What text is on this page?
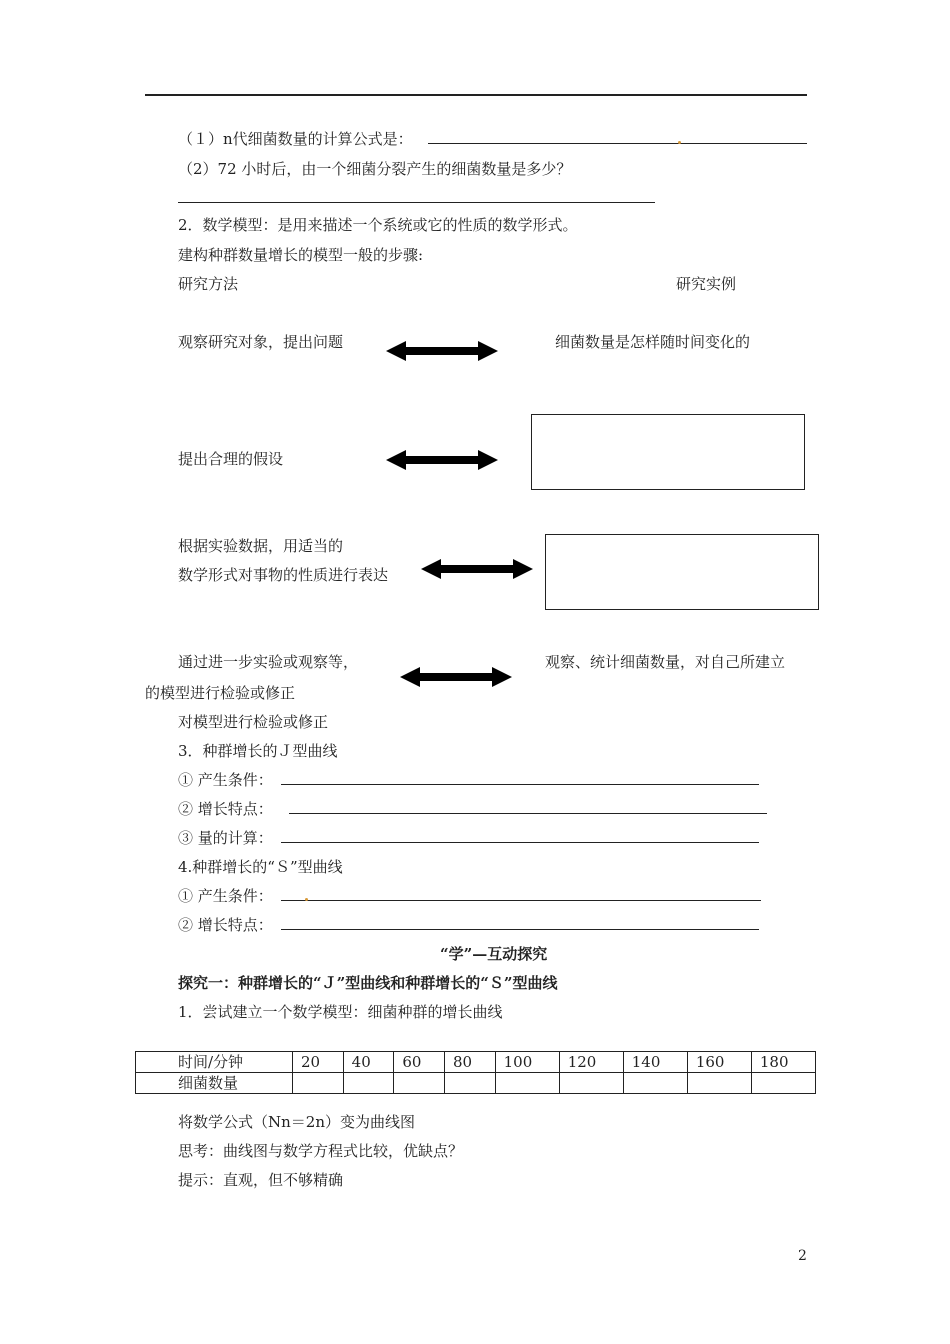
（１）n代细菌数量的计算公式是：
（2）72 小时后，由一个细菌分裂产生的细菌数量是多少？
2．数学模型：是用来描述一个系统或它的性质的数学形式。
建构种群数量增长的模型一般的步骤:
研究方法	研究实例
观察研究对象，提出问题	细菌数量是怎样随时间变化的
提出合理的假设
根据实验数据，用适当的
数学形式对事物的性质进行表达
通过进一步实验或观察等，	观察、统计细菌数量，对自己所建立
的模型进行检验或修正
对模型进行检验或修正
3．种群增长的Ｊ型曲线
① 产生条件：
② 增长特点：
③ 量的计算：
4.种群增长的“Ｓ”型曲线
① 产生条件：
② 增长特点：
“学”—互动探究
探究一：种群增长的“Ｊ”型曲线和种群增长的“Ｓ”型曲线
1．尝试建立一个数学模型：细菌种群的增长曲线
时间/分钟	20	40	60	80	100	120	140	160	180
细菌数量									
将数学公式（Nn＝2n）变为曲线图
思考：曲线图与数学方程式比较，优缺点？
提示：直观，但不够精确
2
